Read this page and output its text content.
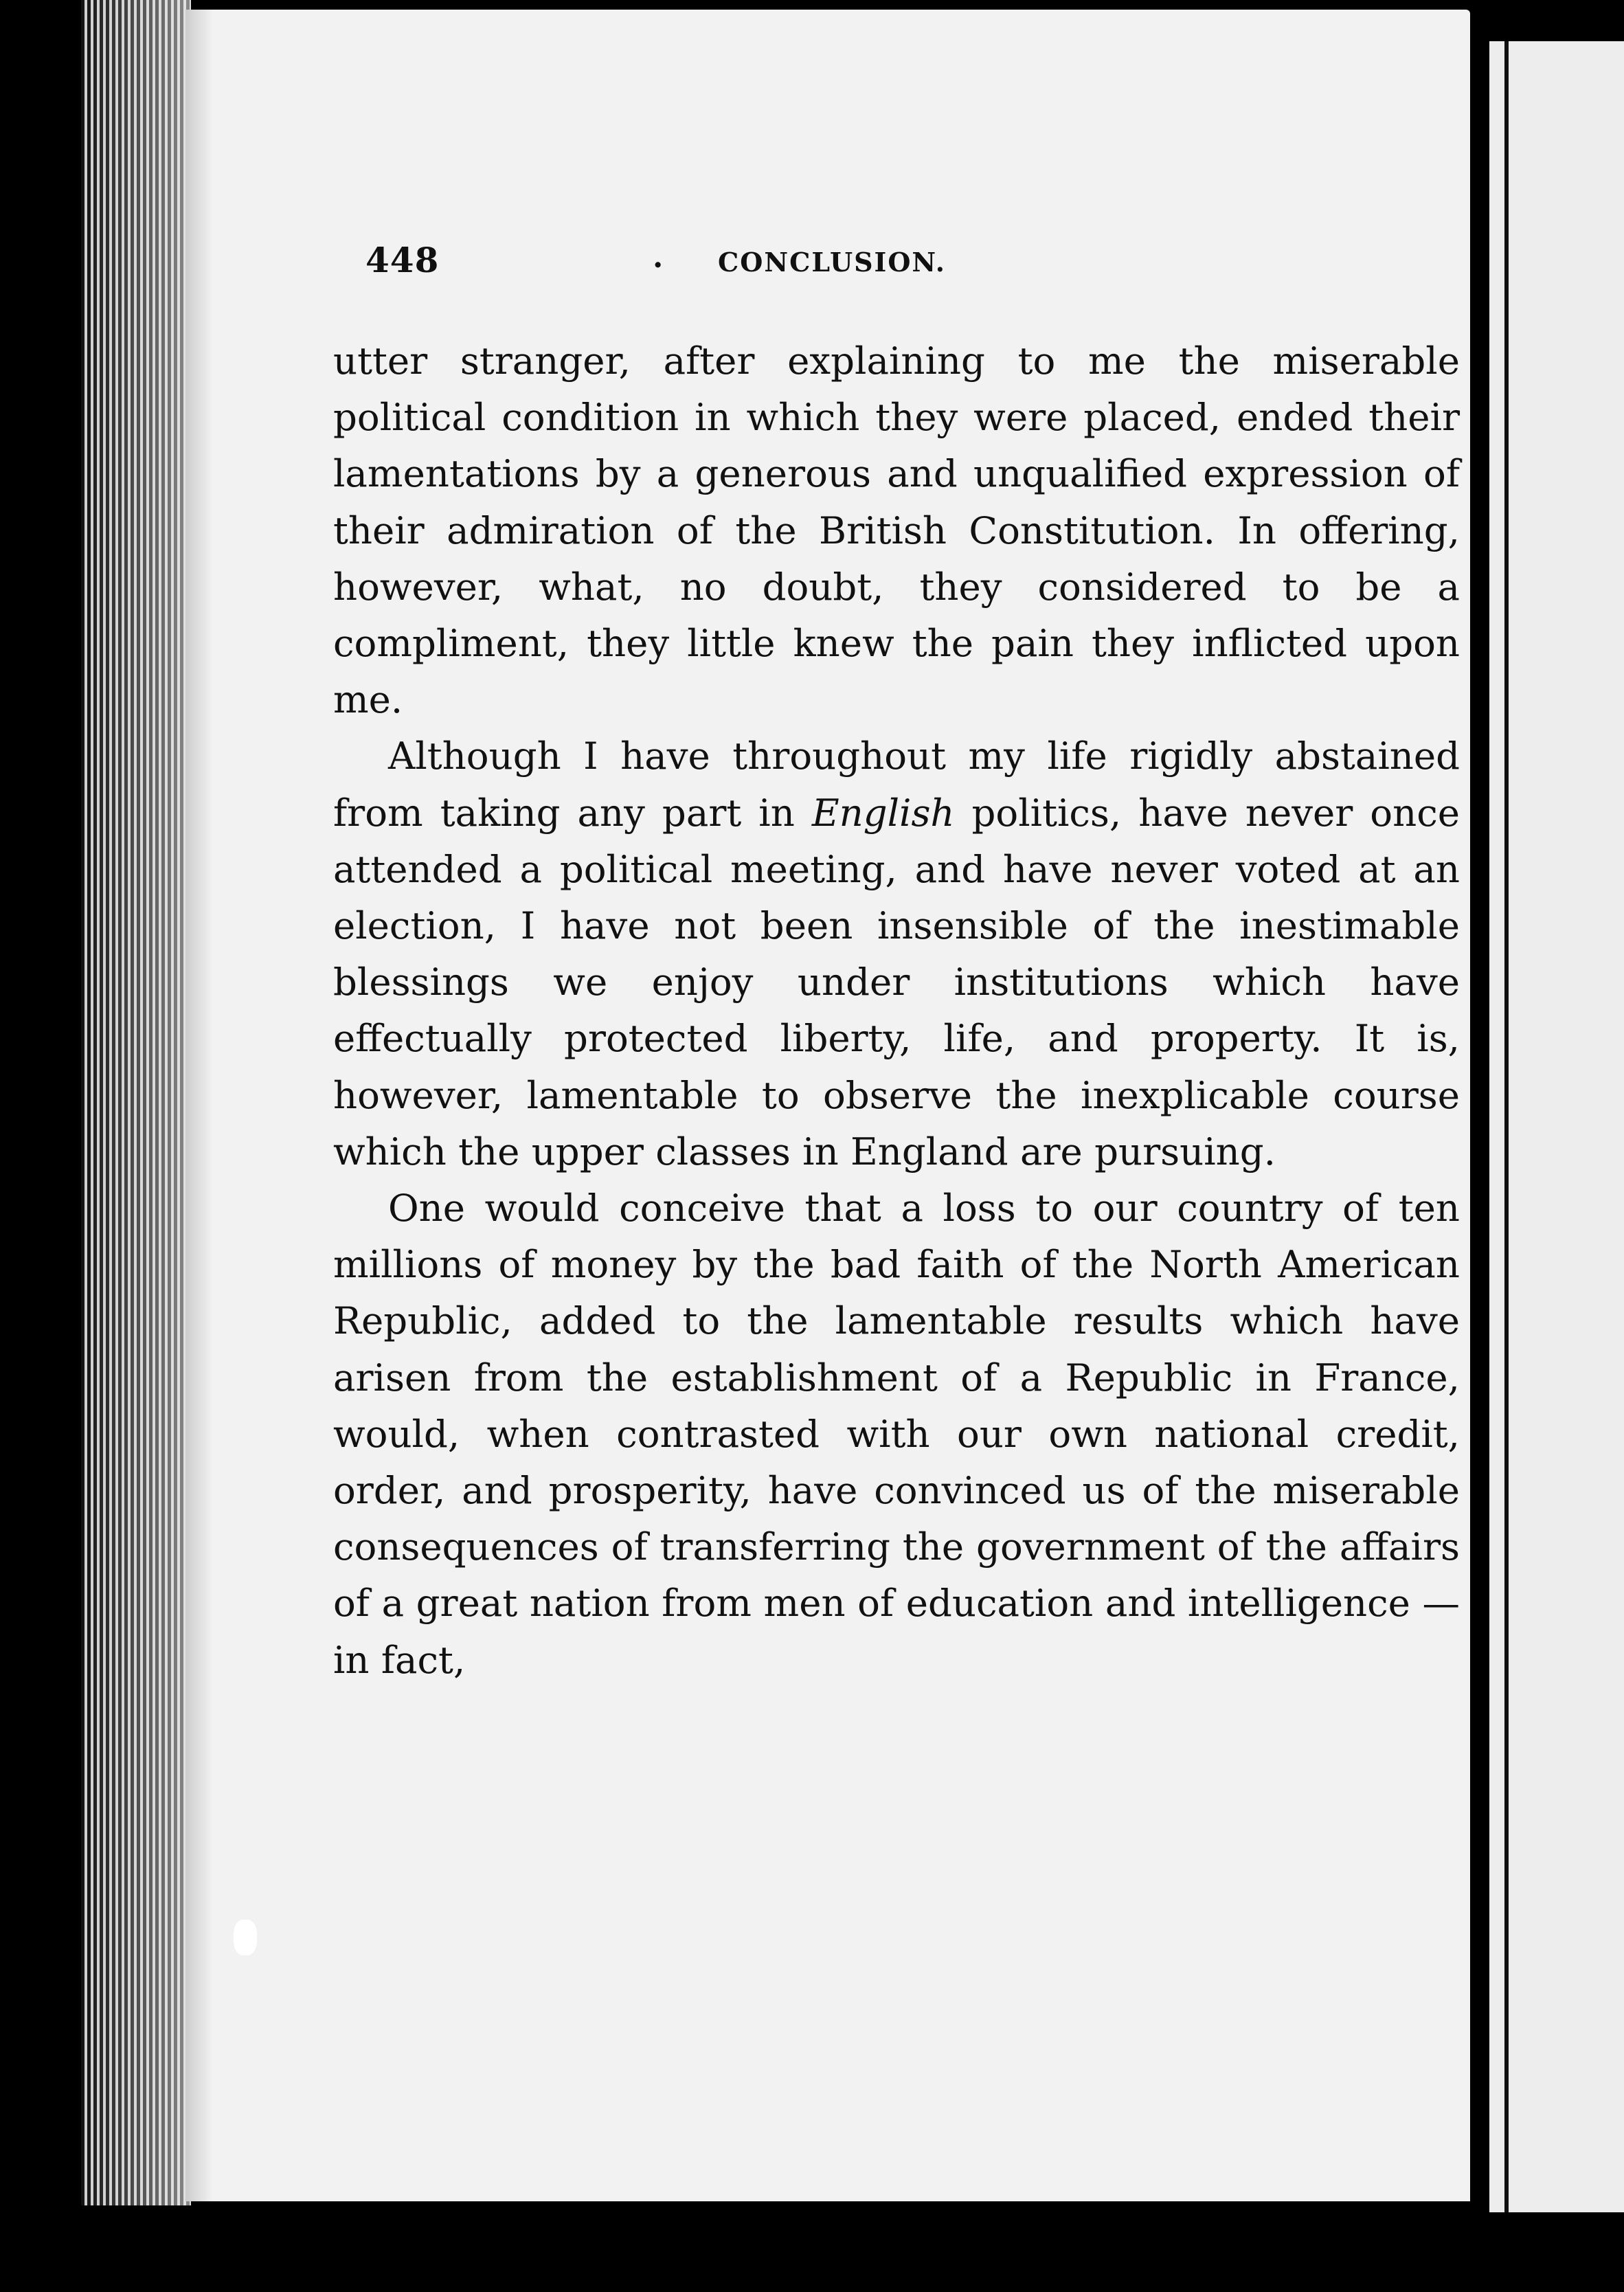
448	. CONCLUSION.

utter stranger, after explaining to me the miserable political condition in which they were placed, ended their lamentations by a generous and unqualified expression of their admiration of the British Constitution. In offering, however, what, no doubt, they considered to be a compliment, they little knew the pain they inflicted upon me.

Although I have throughout my life rigidly abstained from taking any part in English politics, have never once attended a political meeting, and have never voted at an election, I have not been insensible of the inestimable blessings we enjoy under institutions which have effectually protected liberty, life, and property. It is, however, lamentable to observe the inexplicable course which the upper classes in England are pursuing.

One would conceive that a loss to our country of ten millions of money by the bad faith of the North American Republic, added to the lamentable results which have arisen from the establishment of a Republic in France, would, when contrasted with our own national credit, order, and prosperity, have convinced us of the miserable consequences of transferring the government of the affairs of a great nation from men of education and intelligence — in fact,
